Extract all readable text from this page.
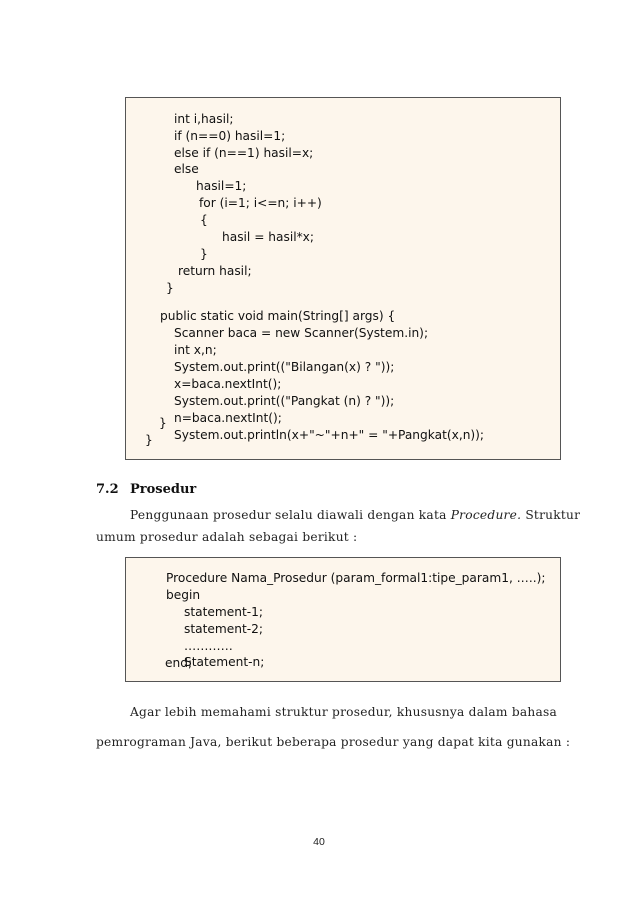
int i,hasil;
if (n==0) hasil=1;
else if (n==1) hasil=x;
else
hasil=1;
for (i=1; i<=n; i++)
{
hasil = hasil*x;
}
return hasil;
}
public static void main(String[] args) {
Scanner baca = new Scanner(System.in);
int x,n;
System.out.print(("Bilangan(x) ? "));
x=baca.nextInt();
System.out.print(("Pangkat (n) ? "));
n=baca.nextInt();
System.out.println(x+"~"+n+" = "+Pangkat(x,n));
}
}
7.2 Prosedur
Penggunaan prosedur selalu diawali dengan kata Procedure. Struktur
umum prosedur adalah sebagai berikut :
Procedure Nama_Prosedur (param_formal1:tipe_param1, .….);
begin
statement-1;
statement-2;
…………
Statement-n;
end;
Agar lebih memahami struktur prosedur, khususnya dalam bahasa
pemrograman Java, berikut beberapa prosedur yang dapat kita gunakan :
40
